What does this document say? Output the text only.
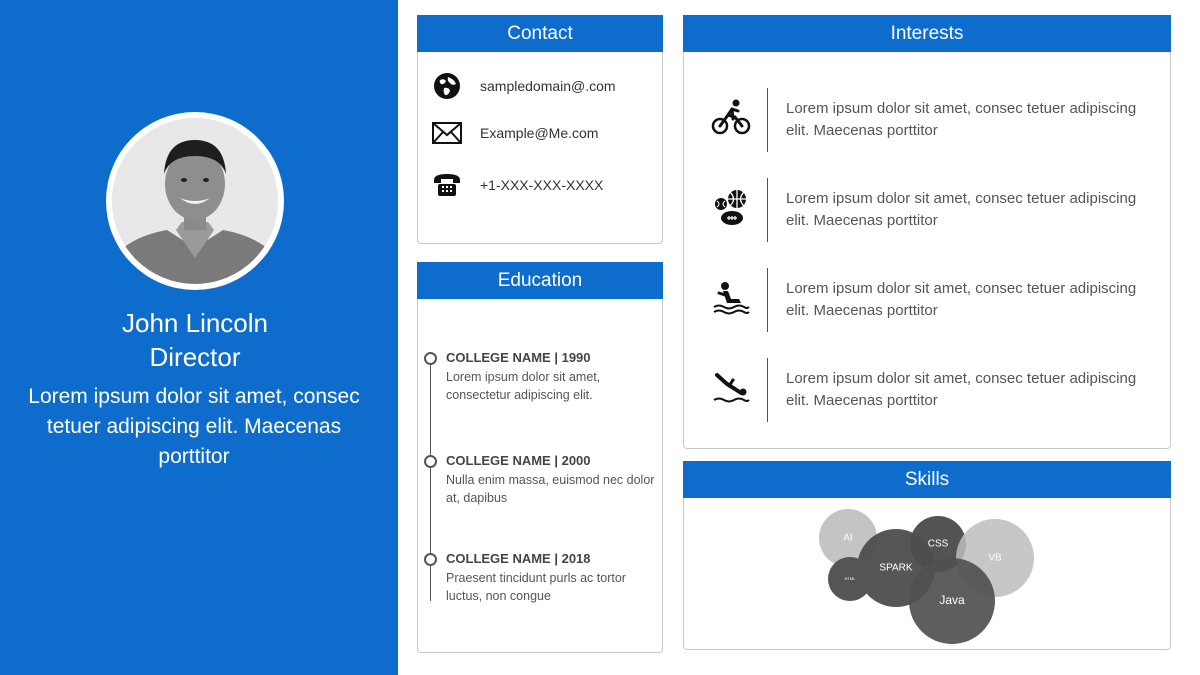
John Lincoln
Director
Lorem ipsum dolor sit amet, consec tetuer adipiscing elit. Maecenas porttitor
Contact
sampledomain@.com
Example@Me.com
+1-XXX-XXX-XXXX
Education
COLLEGE NAME | 1990
Lorem ipsum dolor sit amet, consectetur adipiscing elit.
COLLEGE NAME | 2000
Nulla enim massa, euismod nec dolor at, dapibus
COLLEGE NAME | 2018
Praesent tincidunt purls ac tortor luctus, non congue
Interests
Lorem ipsum dolor sit amet, consec tetuer adipiscing elit. Maecenas porttitor
Lorem ipsum dolor sit amet, consec tetuer adipiscing elit. Maecenas porttitor
Lorem ipsum dolor sit amet, consec tetuer adipiscing elit. Maecenas porttitor
Lorem ipsum dolor sit amet, consec tetuer adipiscing elit. Maecenas porttitor
Skills
AI
CSS
VB
SPARK
HTML
Java
